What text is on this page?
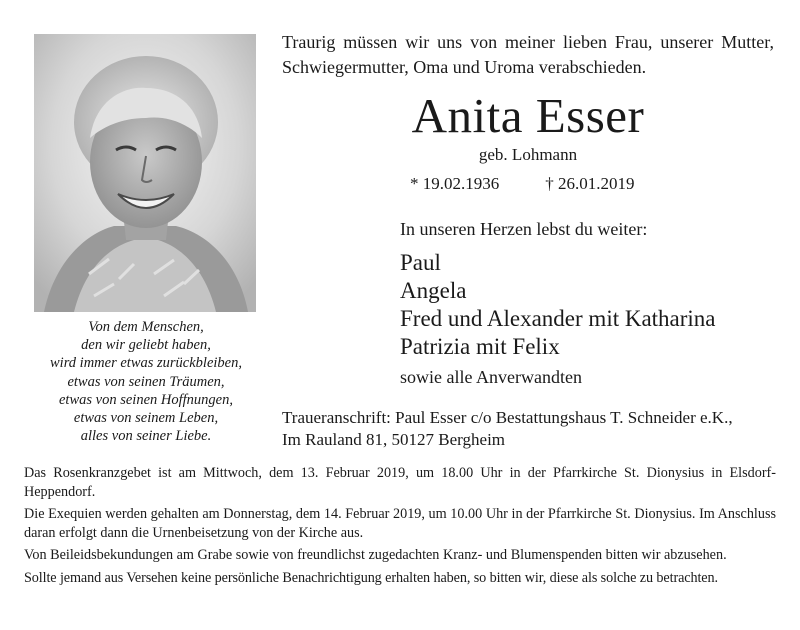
Von dem Menschen,
den wir geliebt haben,
wird immer etwas zurückbleiben,
etwas von seinen Träumen,
etwas von seinen Hoffnungen,
etwas von seinem Leben,
alles von seiner Liebe.
Traurig müssen wir uns von meiner lieben Frau, unserer Mutter, Schwiegermutter, Oma und Uroma verabschieden.
Anita Esser
geb. Lohmann
* 19.02.1936	† 26.01.2019
In unseren Herzen lebst du weiter:
Paul
Angela
Fred und Alexander mit Katharina
Patrizia mit Felix
sowie alle Anverwandten
Traueranschrift: Paul Esser c/o Bestattungshaus T. Schneider e.K.,
Im Rauland 81, 50127 Bergheim

Das Rosenkranzgebet ist am Mittwoch, dem 13. Februar 2019, um 18.00 Uhr in der Pfarrkirche St. Dionysius in Elsdorf-Heppendorf.

Die Exequien werden gehalten am Donnerstag, dem 14. Februar 2019, um 10.00 Uhr in der Pfarrkirche St. Dionysius. Im Anschluss daran erfolgt dann die Urnenbeisetzung von der Kirche aus.

Von Beileidsbekundungen am Grabe sowie von freundlichst zugedachten Kranz- und Blumenspenden bitten wir abzusehen.

Sollte jemand aus Versehen keine persönliche Benachrichtigung erhalten haben, so bitten wir, diese als solche zu betrachten.
